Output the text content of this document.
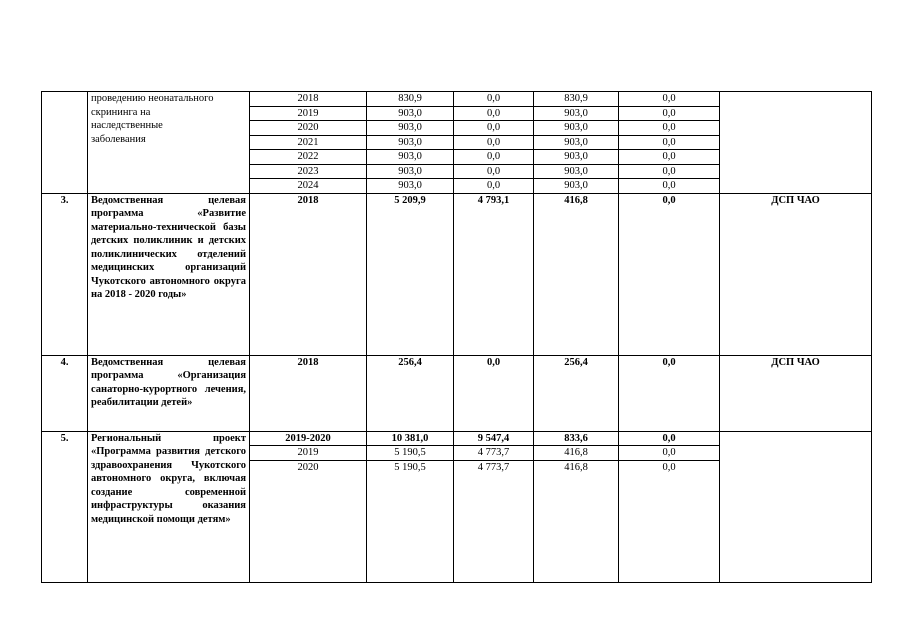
	проведению неонатального
скрининга на
наследственные
заболевания	2018	830,9	0,0	830,9	0,0	
		2019	903,0	0,0	903,0	0,0	
		2020	903,0	0,0	903,0	0,0	
		2021	903,0	0,0	903,0	0,0	
		2022	903,0	0,0	903,0	0,0	
		2023	903,0	0,0	903,0	0,0	
		2024	903,0	0,0	903,0	0,0	
3.	Ведомственная целевая программа «Развитие материально-технической базы детских поликлиник и детских поликлинических отделений медицинских организаций Чукотского автономного округа на 2018 - 2020 годы»	2018	5 209,9	4 793,1	416,8	0,0	ДСП ЧАО
4.	Ведомственная целевая программа «Организация санаторно-курортного лечения, реабилитации детей»	2018	256,4	0,0	256,4	0,0	ДСП ЧАО
5.	Региональный проект «Программа развития детского здравоохранения Чукотского автономного округа, включая создание современной инфраструктуры оказания медицинской помощи детям»	2019-2020	10 381,0	9 547,4	833,6	0,0	
		2019	5 190,5	4 773,7	416,8	0,0	
		2020	5 190,5	4 773,7	416,8	0,0	
